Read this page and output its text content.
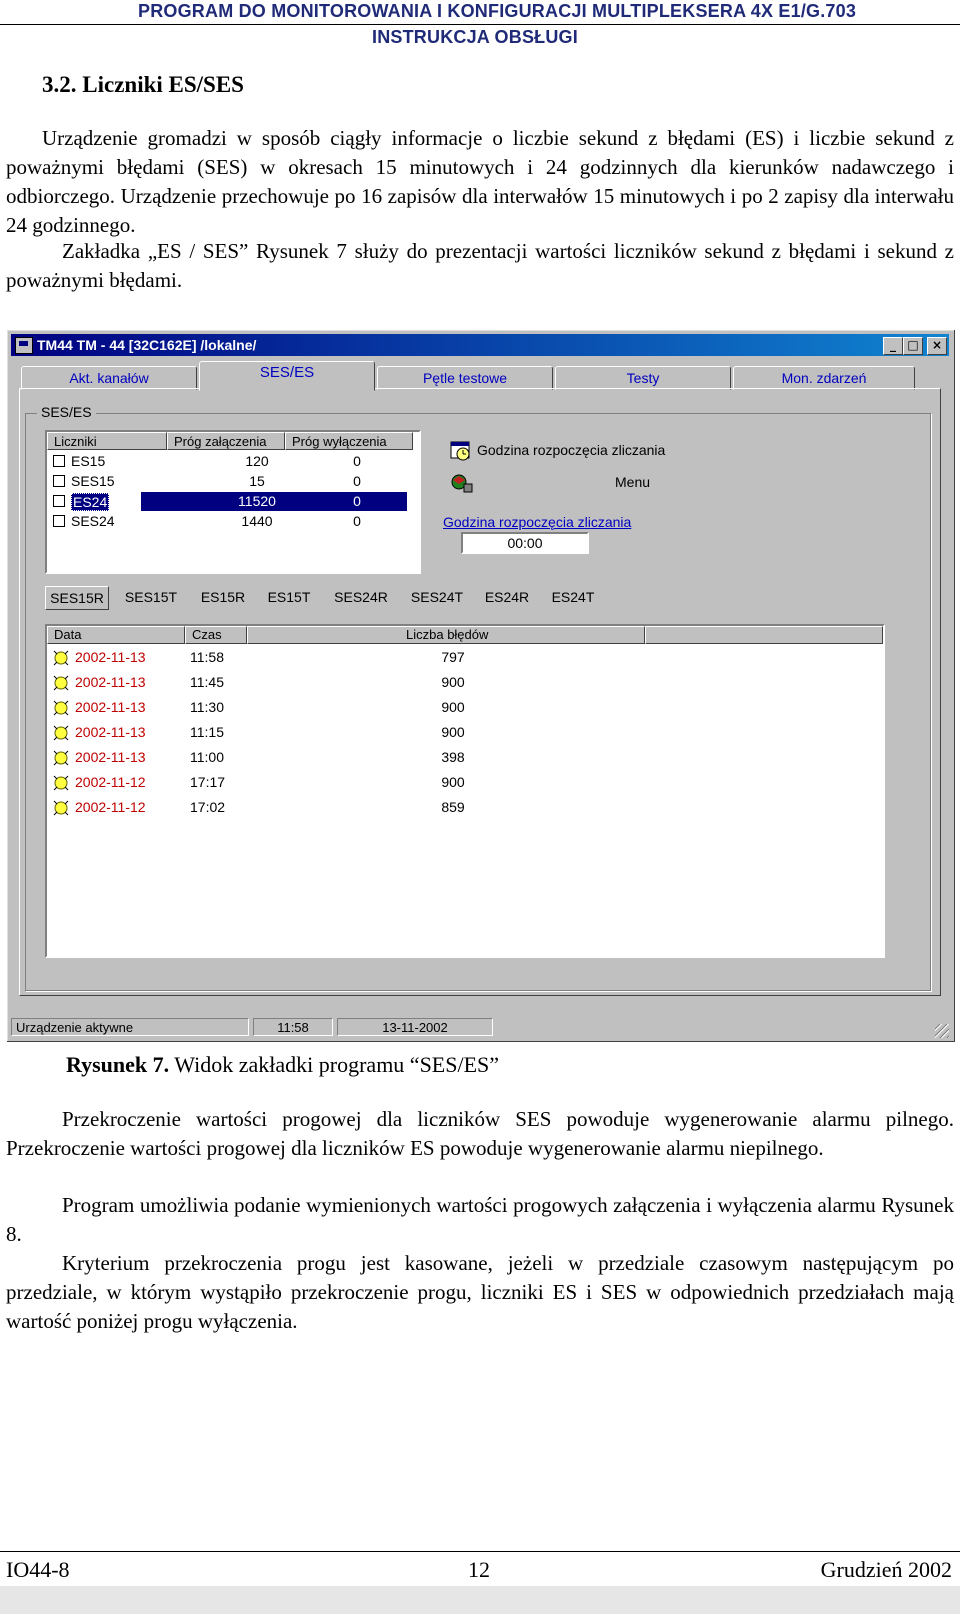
PROGRAM DO MONITOROWANIA I KONFIGURACJI MULTIPLEKSERA 4X E1/G.703
INSTRUKCJA OBSŁUGI
3.2. Liczniki ES/SES
Urządzenie gromadzi w sposób ciągły informacje o liczbie sekund z błędami (ES) i liczbie sekund z poważnymi błędami (SES) w okresach 15 minutowych i 24 godzinnych dla kierunków nadawczego i odbiorczego. Urządzenie przechowuje po 16 zapisów dla interwałów 15 minutowych i po 2 zapisy dla interwału 24 godzinnego.
Zakładka „ES / SES” Rysunek 7 służy do prezentacji wartości liczników sekund z błędami i sekund z poważnymi błędami.
TM44 TM - 44 [32C162E] /lokalne/	_ □	×
Akt. kanałów	SES/ES	Pętle testowe	Testy	Mon. zdarzeń
SES/ES
Liczniki	Próg załączenia	Próg wyłączenia
ES15	120	0
SES15	15	0
ES24	11520	0
SES24	1440	0
Godzina rozpoczęcia zliczania
Menu
Godzina rozpoczęcia zliczania
00:00
SES15R	SES15T	ES15R	ES15T	SES24R	SES24T	ES24R	ES24T
Data	Czas	Liczba błędów
2002-11-13	11:58	797
2002-11-13	11:45	900
2002-11-13	11:30	900
2002-11-13	11:15	900
2002-11-13	11:00	398
2002-11-12	17:17	900
2002-11-12	17:02	859
Urządzenie aktywne	11:58	13-11-2002
Rysunek 7. Widok zakładki programu “SES/ES”
Przekroczenie wartości progowej dla liczników SES powoduje wygenerowanie alarmu pilnego. Przekroczenie wartości progowej dla liczników ES powoduje wygenerowanie alarmu niepilnego.
Program umożliwia podanie wymienionych wartości progowych załączenia i wyłączenia alarmu Rysunek 8.
Kryterium przekroczenia progu jest kasowane, jeżeli w przedziale czasowym następującym po przedziale, w którym wystąpiło przekroczenie progu, liczniki ES i SES w odpowiednich przedziałach mają wartość poniżej progu wyłączenia.
IO44-8	12	Grudzień 2002
